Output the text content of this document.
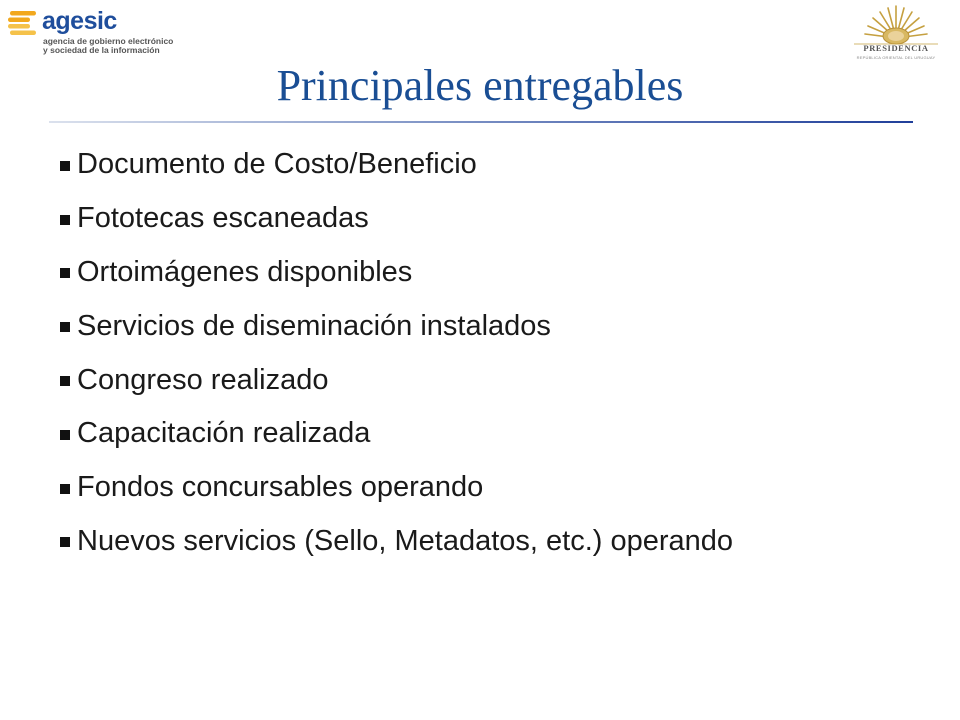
agesic
agencia de gobierno electrónico
y sociedad de la información	PRESIDENCIA
REPÚBLICA ORIENTAL DEL URUGUAY
Principales entregables
Documento de Costo/Beneficio
Fototecas escaneadas
Ortoimágenes disponibles
Servicios de diseminación instalados
Congreso realizado
Capacitación realizada
Fondos concursables operando
Nuevos servicios (Sello, Metadatos, etc.) operando
